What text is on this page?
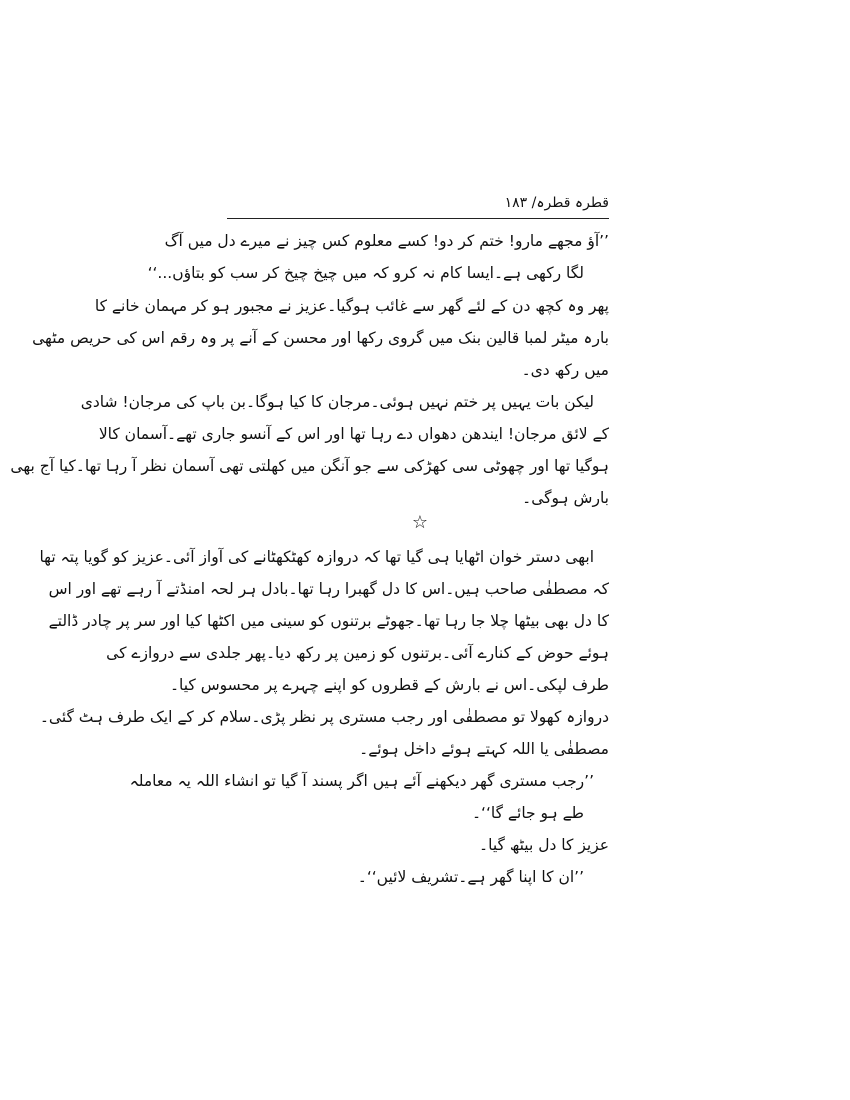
قطرہ قطرہ/ ۱۸۳
’’آؤ مجھے مارو! ختم کر دو! کسے معلوم کس چیز نے میرے دل میں آگ
لگا رکھی ہے۔ایسا کام نہ کرو کہ میں چیخ چیخ کر سب کو بتاؤں...‘‘
پھر وہ کچھ دن کے لئے گھر سے غائب ہوگیا۔عزیز نے مجبور ہو کر مہمان خانے کا
بارہ میٹر لمبا قالین بنک میں گروی رکھا اور محسن کے آنے پر وہ رقم اس کی حریص مٹھی
میں رکھ دی۔
لیکن بات یہیں پر ختم نہیں ہوئی۔مرجان کا کیا ہوگا۔بن باپ کی مرجان! شادی
کے لائق مرجان! ایندھن دھواں دے رہا تھا اور اس کے آنسو جاری تھے۔آسمان کالا
ہوگیا تھا اور چھوٹی سی کھڑکی سے جو آنگن میں کھلتی تھی آسمان نظر آ رہا تھا۔کیا آج بھی
بارش ہوگی۔
☆
ابھی دستر خوان اٹھایا ہی گیا تھا کہ دروازہ کھٹکھٹانے کی آواز آئی۔عزیز کو گویا پتہ تھا
کہ مصطفٰی صاحب ہیں۔اس کا دل گھبرا رہا تھا۔بادل ہر لحہ امنڈتے آ رہے تھے اور اس
کا دل بھی بیٹھا چلا جا رہا تھا۔جھوٹے برتنوں کو سینی میں اکٹھا کیا اور سر پر چادر ڈالتے
ہوئے حوض کے کنارے آئی۔برتنوں کو زمین پر رکھ دیا۔پھر جلدی سے دروازے کی
طرف لپکی۔اس نے بارش کے قطروں کو اپنے چہرے پر محسوس کیا۔
دروازہ کھولا تو مصطفٰی اور رجب مستری پر نظر پڑی۔سلام کر کے ایک طرف ہٹ گئی۔
مصطفٰی یا اللہ کہتے ہوئے داخل ہوئے۔
’’رجب مستری گھر دیکھنے آئے ہیں اگر پسند آ گیا تو انشاء اللہ یہ معاملہ
طے ہو جائے گا‘‘۔
عزیز کا دل بیٹھ گیا۔
’’ان کا اپنا گھر ہے۔تشریف لائیں‘‘۔
